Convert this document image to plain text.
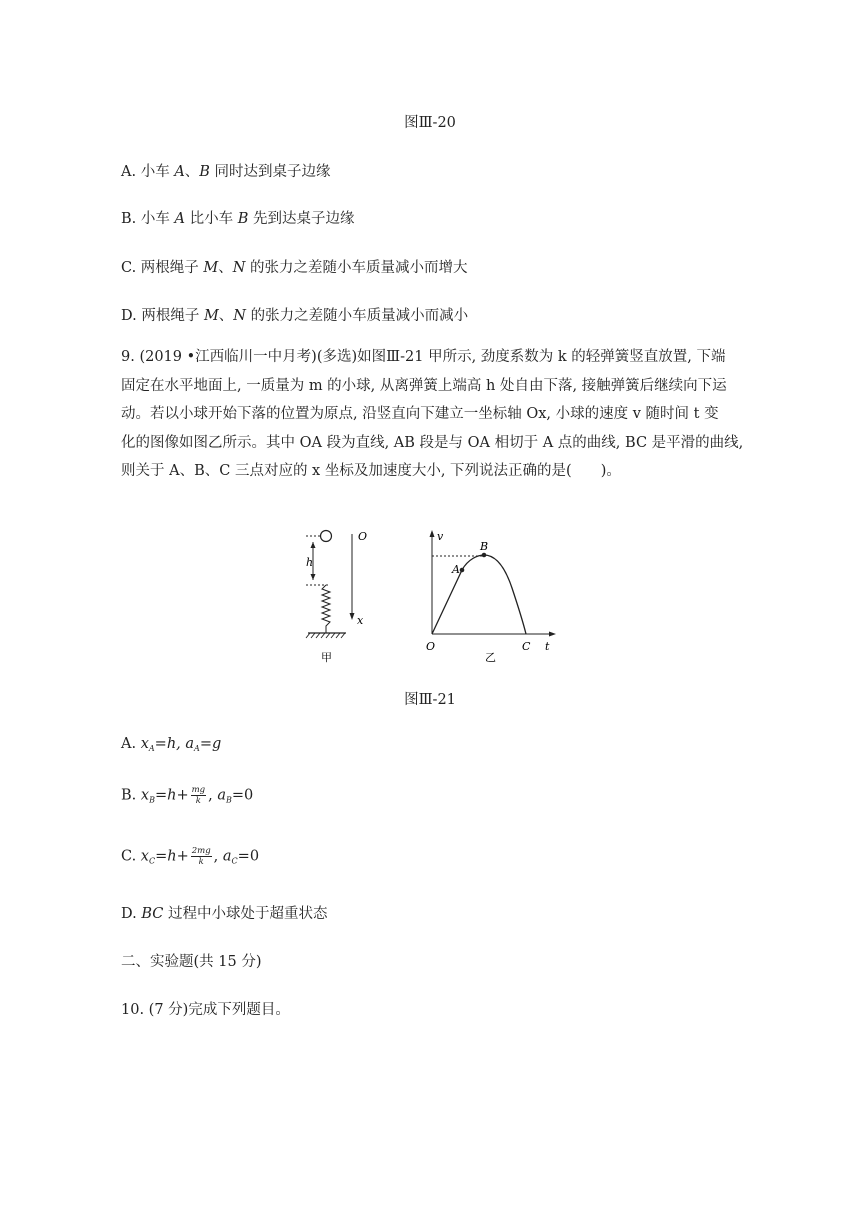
图Ⅲ-20
A. 小车 A、B 同时达到桌子边缘
B. 小车 A 比小车 B 先到达桌子边缘
C. 两根绳子 M、N 的张力之差随小车质量减小而增大
D. 两根绳子 M、N 的张力之差随小车质量减小而减小
9. (2019 •江西临川一中月考)(多选)如图Ⅲ-21 甲所示, 劲度系数为 k 的轻弹簧竖直放置, 下端
固定在水平地面上, 一质量为 m 的小球, 从离弹簧上端高 h 处自由下落, 接触弹簧后继续向下运
动。若以小球开始下落的位置为原点, 沿竖直向下建立一坐标轴 Ox, 小球的速度 v 随时间 t 变
化的图像如图乙所示。其中 OA 段为直线, AB 段是与 OA 相切于 A 点的曲线, BC 是平滑的曲线,
则关于 A、B、C 三点对应的 x 坐标及加速度大小, 下列说法正确的是(　　)。
h
O
x
甲
v
A
B
O	C t
乙
图Ⅲ-21
A. $x_A=h$, $a_A=g$
B. $x_B=h+ \frac{mg}{k}$ , $a_B=0$
C. $x_C=h+ \frac{2mg}{k}$ , $a_C=0$
D. BC 过程中小球处于超重状态
二、实验题(共 15 分)
10. (7 分)完成下列题目。
